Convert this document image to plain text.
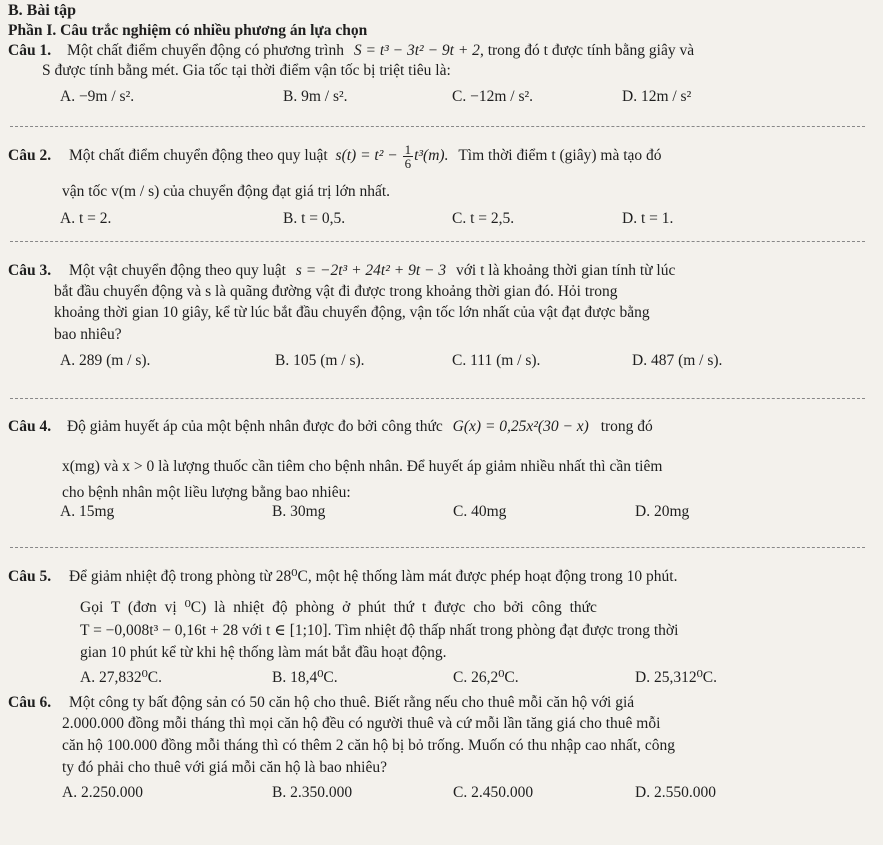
B. Bài tập
Phần I. Câu trắc nghiệm có nhiều phương án lựa chọn
Câu 1. Một chất điểm chuyển động có phương trình S = t³ − 3t² − 9t + 2, trong đó t được tính bằng giây và
S được tính bằng mét. Gia tốc tại thời điểm vận tốc bị triệt tiêu là:
A. −9m / s².	B. 9m / s².	C. −12m / s².	D. 12m / s²
Câu 2. Một chất điểm chuyển động theo quy luật $s(t) = t^2 - \frac{1}{6} t^3(m)$. Tìm thời điểm t (giây) mà tạo đó
vận tốc v(m / s) của chuyển động đạt giá trị lớn nhất.
A. t = 2.	B. t = 0,5.	C. t = 2,5.	D. t = 1.
Câu 3. Một vật chuyển động theo quy luật s = −2t³ + 24t² + 9t − 3 với t là khoảng thời gian tính từ lúc
bắt đầu chuyển động và s là quãng đường vật đi được trong khoảng thời gian đó. Hỏi trong
khoảng thời gian 10 giây, kể từ lúc bắt đầu chuyển động, vận tốc lớn nhất của vật đạt được bằng
bao nhiêu?
A. 289 (m / s).	B. 105 (m / s).	C. 111 (m / s).	D. 487 (m / s).
Câu 4. Độ giảm huyết áp của một bệnh nhân được đo bởi công thức G(x) = 0,25x²(30 − x) trong đó
x(mg) và x > 0 là lượng thuốc cần tiêm cho bệnh nhân. Để huyết áp giảm nhiều nhất thì cần tiêm
cho bệnh nhân một liều lượng bằng bao nhiêu:
A. 15mg	B. 30mg	C. 40mg	D. 20mg
Câu 5. Để giảm nhiệt độ trong phòng từ 28⁰C, một hệ thống làm mát được phép hoạt động trong 10 phút.
Gọi T (đơn vị ⁰C) là nhiệt độ phòng ở phút thứ t được cho bởi công thức
T = −0,008t³ − 0,16t + 28 với t ∈ [1;10]. Tìm nhiệt độ thấp nhất trong phòng đạt được trong thời
gian 10 phút kể từ khi hệ thống làm mát bắt đầu hoạt động.
A. 27,832⁰C.	B. 18,4⁰C.	C. 26,2⁰C.	D. 25,312⁰C.
Câu 6. Một công ty bất động sản có 50 căn hộ cho thuê. Biết rằng nếu cho thuê mỗi căn hộ với giá
2.000.000 đồng mỗi tháng thì mọi căn hộ đều có người thuê và cứ mỗi lần tăng giá cho thuê mỗi
căn hộ 100.000 đồng mỗi tháng thì có thêm 2 căn hộ bị bỏ trống. Muốn có thu nhập cao nhất, công
ty đó phải cho thuê với giá mỗi căn hộ là bao nhiêu?
A. 2.250.000	B. 2.350.000	C. 2.450.000	D. 2.550.000
